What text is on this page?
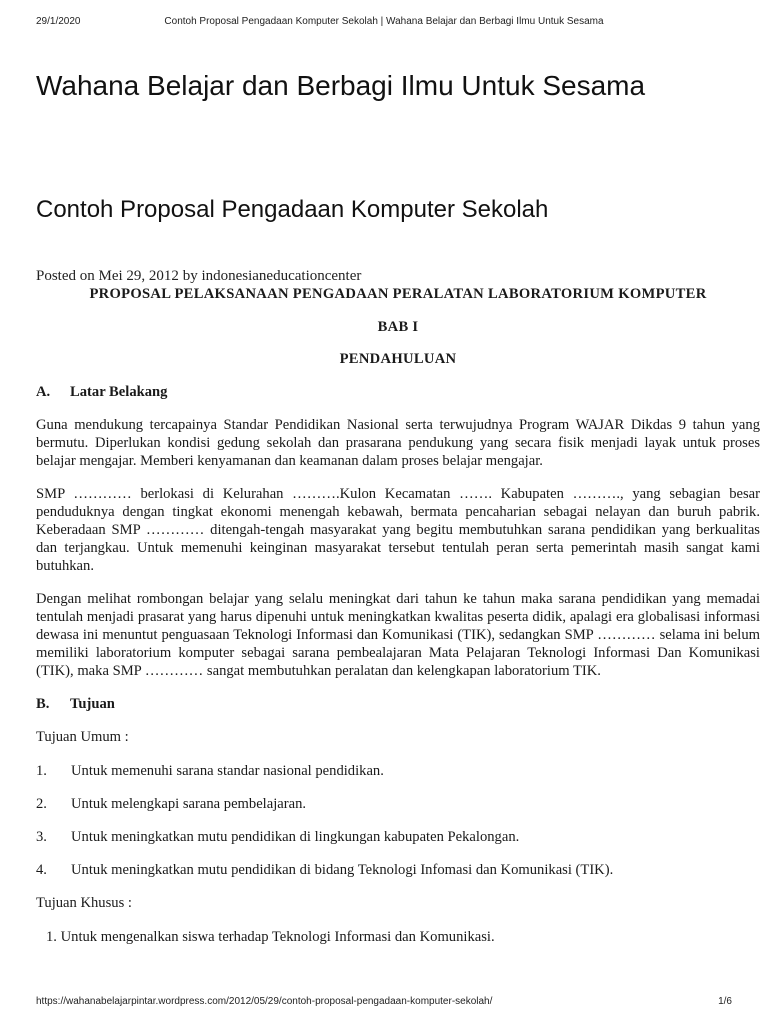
29/1/2020	Contoh Proposal Pengadaan Komputer Sekolah | Wahana Belajar dan Berbagi Ilmu Untuk Sesama
Wahana Belajar dan Berbagi Ilmu Untuk Sesama
Contoh Proposal Pengadaan Komputer Sekolah
Posted on Mei 29, 2012 by indonesianeducationcenter

PROPOSAL PELAKSANAAN PENGADAAN PERALATAN LABORATORIUM KOMPUTER

BAB I

PENDAHULUAN

A. Latar Belakang

Guna mendukung tercapainya Standar Pendidikan Nasional serta terwujudnya Program WAJAR Dikdas 9 tahun yang bermutu. Diperlukan kondisi gedung sekolah dan prasarana pendukung yang secara fisik menjadi layak untuk proses belajar mengajar. Memberi kenyamanan dan keamanan dalam proses belajar mengajar.

SMP ………… berlokasi di Kelurahan ……….Kulon Kecamatan ……. Kabupaten ………., yang sebagian besar penduduknya dengan tingkat ekonomi menengah kebawah, bermata pencaharian sebagai nelayan dan buruh pabrik. Keberadaan SMP ………… ditengah-tengah masyarakat yang begitu membutuhkan sarana pendidikan yang berkualitas dan terjangkau. Untuk memenuhi keinginan masyarakat tersebut tentulah peran serta pemerintah masih sangat kami butuhkan.

Dengan melihat rombongan belajar yang selalu meningkat dari tahun ke tahun maka sarana pendidikan yang memadai tentulah menjadi prasarat yang harus dipenuhi untuk meningkatkan kwalitas peserta didik, apalagi era globalisasi informasi dewasa ini menuntut penguasaan Teknologi Informasi dan Komunikasi (TIK), sedangkan SMP ………… selama ini belum memiliki laboratorium komputer sebagai sarana pembealajaran Mata Pelajaran Teknologi Informasi Dan Komunikasi (TIK), maka SMP ………… sangat membutuhkan peralatan dan kelengkapan laboratorium TIK.

B. Tujuan

Tujuan Umum :

1. Untuk memenuhi sarana standar nasional pendidikan.

2. Untuk melengkapi sarana pembelajaran.

3. Untuk meningkatkan mutu pendidikan di lingkungan kabupaten Pekalongan.

4. Untuk meningkatkan mutu pendidikan di bidang Teknologi Infomasi dan Komunikasi (TIK).

Tujuan Khusus :

1. Untuk mengenalkan siswa terhadap Teknologi Informasi dan Komunikasi.

https://wahanabelajarpintar.wordpress.com/2012/05/29/contoh-proposal-pengadaan-komputer-sekolah/	1/6
